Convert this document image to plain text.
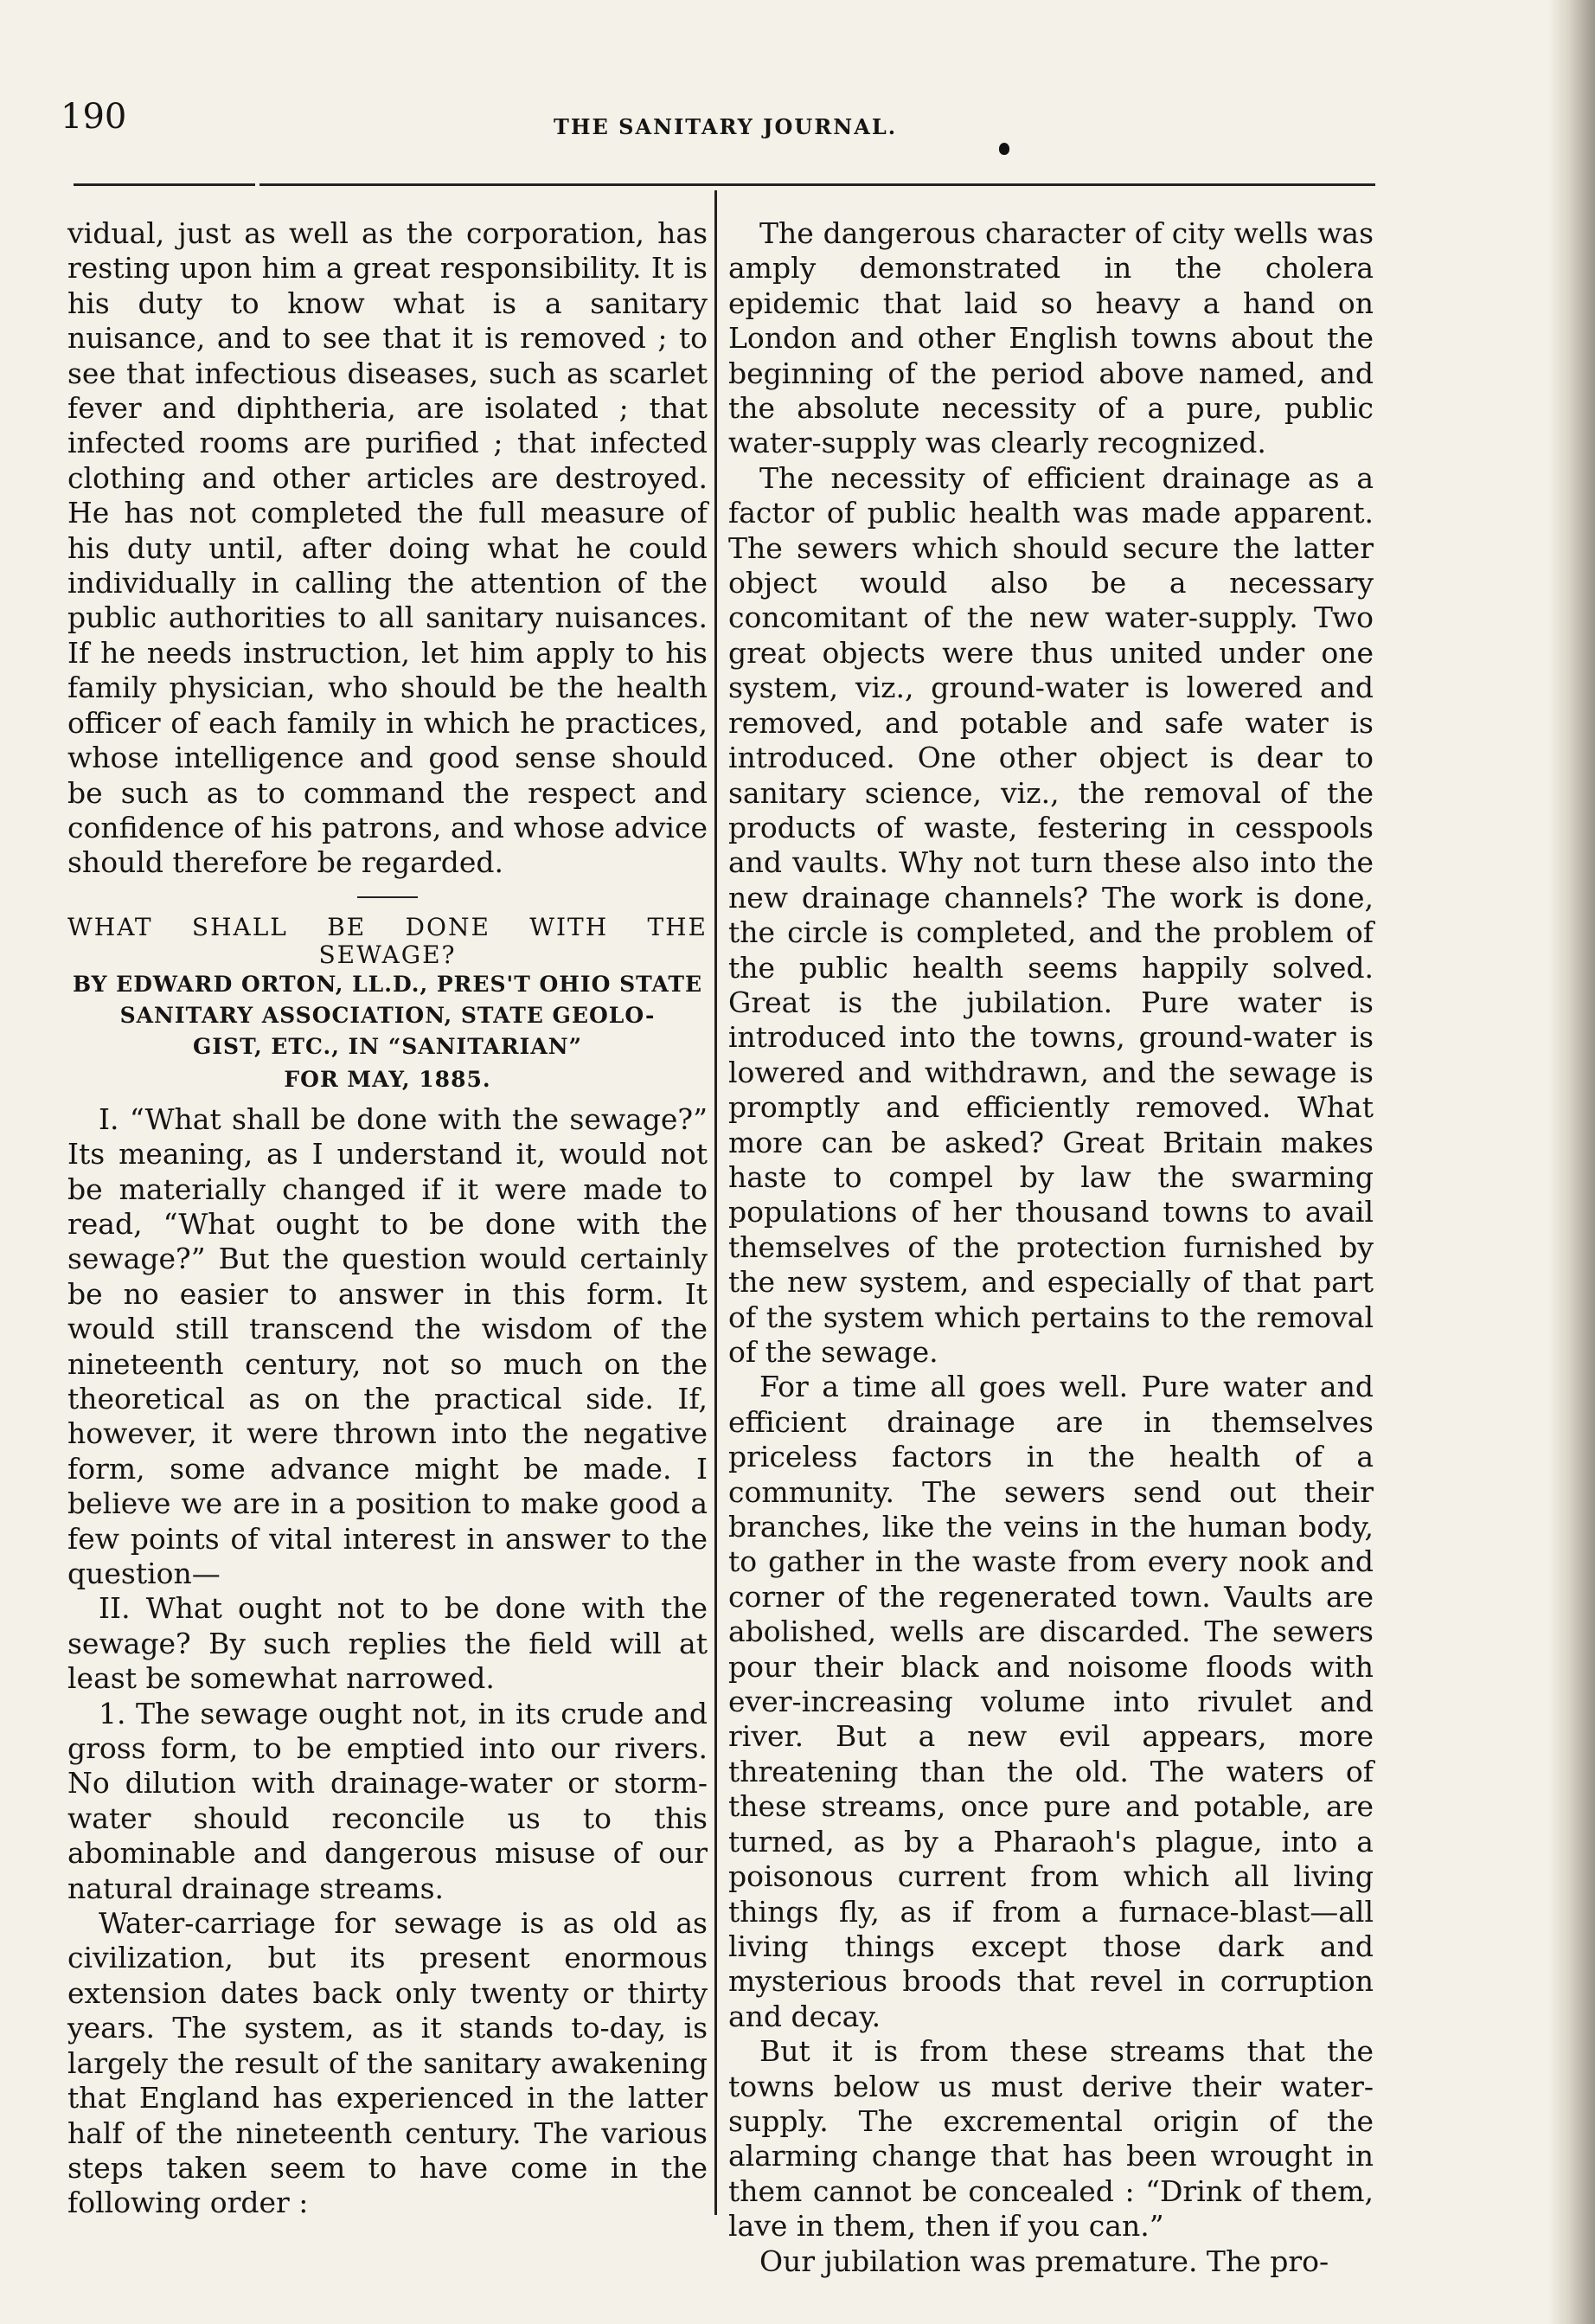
190	THE SANITARY JOURNAL.

vidual, just as well as the corporation, has resting upon him a great responsibility. It is his duty to know what is a sanitary nuisance, and to see that it is removed ; to see that infectious diseases, such as scarlet fever and diphtheria, are isolated ; that infected rooms are purified ; that infected clothing and other articles are destroyed. He has not completed the full measure of his duty until, after doing what he could individually in calling the attention of the public authorities to all sanitary nuisances. If he needs instruction, let him apply to his family physician, who should be the health officer of each family in which he practices, whose intelligence and good sense should be such as to command the respect and confidence of his patrons, and whose advice should therefore be regarded.

WHAT SHALL BE DONE WITH THE
SEWAGE?
BY EDWARD ORTON, LL.D., PRES'T OHIO STATE
SANITARY ASSOCIATION, STATE GEOLO-
GIST, ETC., IN “SANITARIAN”
FOR MAY, 1885.

I. “What shall be done with the sewage?” Its meaning, as I understand it, would not be materially changed if it were made to read, “What ought to be done with the sewage?” But the question would certainly be no easier to answer in this form. It would still transcend the wisdom of the nineteenth century, not so much on the theoretical as on the practical side. If, however, it were thrown into the negative form, some advance might be made. I believe we are in a position to make good a few points of vital interest in answer to the question—

II. What ought not to be done with the sewage? By such replies the field will at least be somewhat narrowed.

1. The sewage ought not, in its crude and gross form, to be emptied into our rivers. No dilution with drainage-water or storm-water should reconcile us to this abominable and dangerous misuse of our natural drainage streams.

Water-carriage for sewage is as old as civilization, but its present enormous extension dates back only twenty or thirty years. The system, as it stands to-day, is largely the result of the sanitary awakening that England has experienced in the latter half of the nineteenth century. The various steps taken seem to have come in the following order :

The dangerous character of city wells was amply demonstrated in the cholera epidemic that laid so heavy a hand on London and other English towns about the beginning of the period above named, and the absolute necessity of a pure, public water-supply was clearly recognized.

The necessity of efficient drainage as a factor of public health was made apparent. The sewers which should secure the latter object would also be a necessary concomitant of the new water-supply. Two great objects were thus united under one system, viz., ground-water is lowered and removed, and potable and safe water is introduced. One other object is dear to sanitary science, viz., the removal of the products of waste, festering in cesspools and vaults. Why not turn these also into the new drainage channels? The work is done, the circle is completed, and the problem of the public health seems happily solved. Great is the jubilation. Pure water is introduced into the towns, ground-water is lowered and withdrawn, and the sewage is promptly and efficiently removed. What more can be asked? Great Britain makes haste to compel by law the swarming populations of her thousand towns to avail themselves of the protection furnished by the new system, and especially of that part of the system which pertains to the removal of the sewage.

For a time all goes well. Pure water and efficient drainage are in themselves priceless factors in the health of a community. The sewers send out their branches, like the veins in the human body, to gather in the waste from every nook and corner of the regenerated town. Vaults are abolished, wells are discarded. The sewers pour their black and noisome floods with ever-increasing volume into rivulet and river. But a new evil appears, more threatening than the old. The waters of these streams, once pure and potable, are turned, as by a Pharaoh's plague, into a poisonous current from which all living things fly, as if from a furnace-blast—all living things except those dark and mysterious broods that revel in corruption and decay.

But it is from these streams that the towns below us must derive their water-supply. The excremental origin of the alarming change that has been wrought in them cannot be concealed : “Drink of them, lave in them, then if you can.”

Our jubilation was premature. The pro-
